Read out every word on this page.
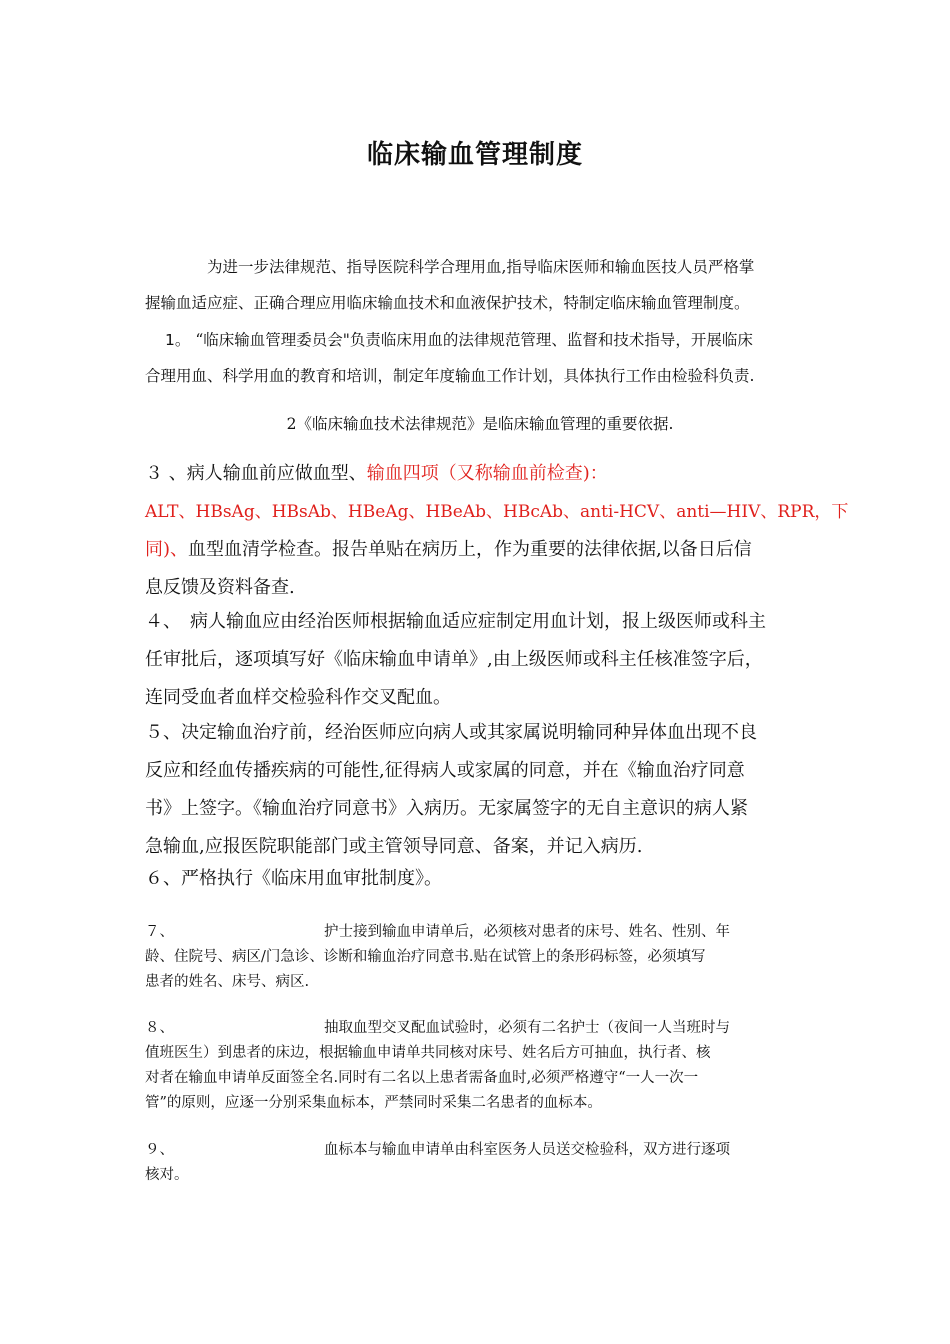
临床输血管理制度
为进一步法律规范、指导医院科学合理用血,指导临床医师和输血医技人员严格掌
握输血适应症、正确合理应用临床输血技术和血液保护技术，特制定临床输血管理制度。
1。 “临床输血管理委员会"负责临床用血的法律规范管理、监督和技术指导，开展临床
合理用血、科学用血的教育和培训，制定年度输血工作计划，具体执行工作由检验科负责.
2《临床输血技术法律规范》是临床输血管理的重要依据.
３ 、病人输血前应做血型、输血四项（又称输血前检查)：
ALT、HBsAg、HBsAb、HBeAg、HBeAb、HBcAb、anti-HCV、anti—HIV、RPR，下
同)、血型血清学检查。报告单贴在病历上，作为重要的法律依据,以备日后信
息反馈及资料备查.
４、　病人输血应由经治医师根据输血适应症制定用血计划，报上级医师或科主
任审批后，逐项填写好《临床输血申请单》,由上级医师或科主任核准签字后，
连同受血者血样交检验科作交叉配血。
５、决定输血治疗前，经治医师应向病人或其家属说明输同种异体血出现不良
反应和经血传播疾病的可能性,征得病人或家属的同意，并在《输血治疗同意
书》上签字。《输血治疗同意书》入病历。无家属签字的无自主意识的病人紧
急输血,应报医院职能部门或主管领导同意、备案，并记入病历.
６、严格执行《临床用血审批制度》。
７、	护士接到输血申请单后，必须核对患者的床号、姓名、性别、年
龄、住院号、病区/门急诊、诊断和输血治疗同意书.贴在试管上的条形码标签，必须填写
患者的姓名、床号、病区.
８、	抽取血型交叉配血试验时，必须有二名护士（夜间一人当班时与
值班医生）到患者的床边，根据输血申请单共同核对床号、姓名后方可抽血，执行者、核
对者在输血申请单反面签全名.同时有二名以上患者需备血时,必须严格遵守“一人一次一
管”的原则，应逐一分别采集血标本，严禁同时采集二名患者的血标本。
９、	血标本与输血申请单由科室医务人员送交检验科，双方进行逐项
核对。
